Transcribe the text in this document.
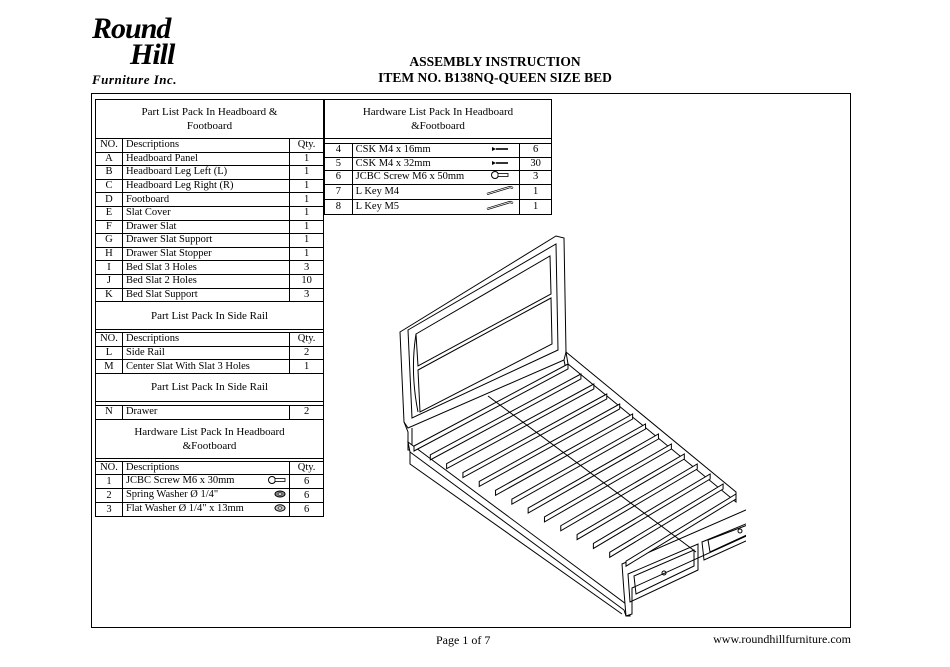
Round
Hill
Furniture Inc.
ASSEMBLY INSTRUCTION
ITEM NO. B138NQ-QUEEN SIZE BED
Part List Pack In Headboard &
Footboard		

NO.	Descriptions	Qty.
A	Headboard Panel	1
B	Headboard Leg Left (L)	1
C	Headboard Leg Right (R)	1
D	Footboard	1
E	Slat Cover	1
F	Drawer Slat	1
G	Drawer Slat Support	1
H	Drawer Slat Stopper	1
I	Bed Slat 3 Holes	3
J	Bed Slat 2 Holes	10
K	Bed Slat Support	3
Part List Pack In Side Rail		

NO.	Descriptions	Qty.
L	Side Rail	2
M	Center Slat With Slat 3 Holes	1
Part List Pack In Side Rail		

N	Drawer	2

Hardware List Pack In Headboard
&Footboard		

NO.	Descriptions	Qty.
1	JCBC Screw M6 x 30mm	6
2	Spring Washer Ø 1/4"	6
3	Flat Washer Ø 1/4" x 13mm	6
Hardware List Pack In Headboard
&Footboard			

4	CSK M4 x 16mm		6
5	CSK M4 x 32mm		30
6	JCBC Screw M6 x 50mm		3
7	L Key M4		1
8	L Key M5		1
Page 1 of 7	www.roundhillfurniture.com
